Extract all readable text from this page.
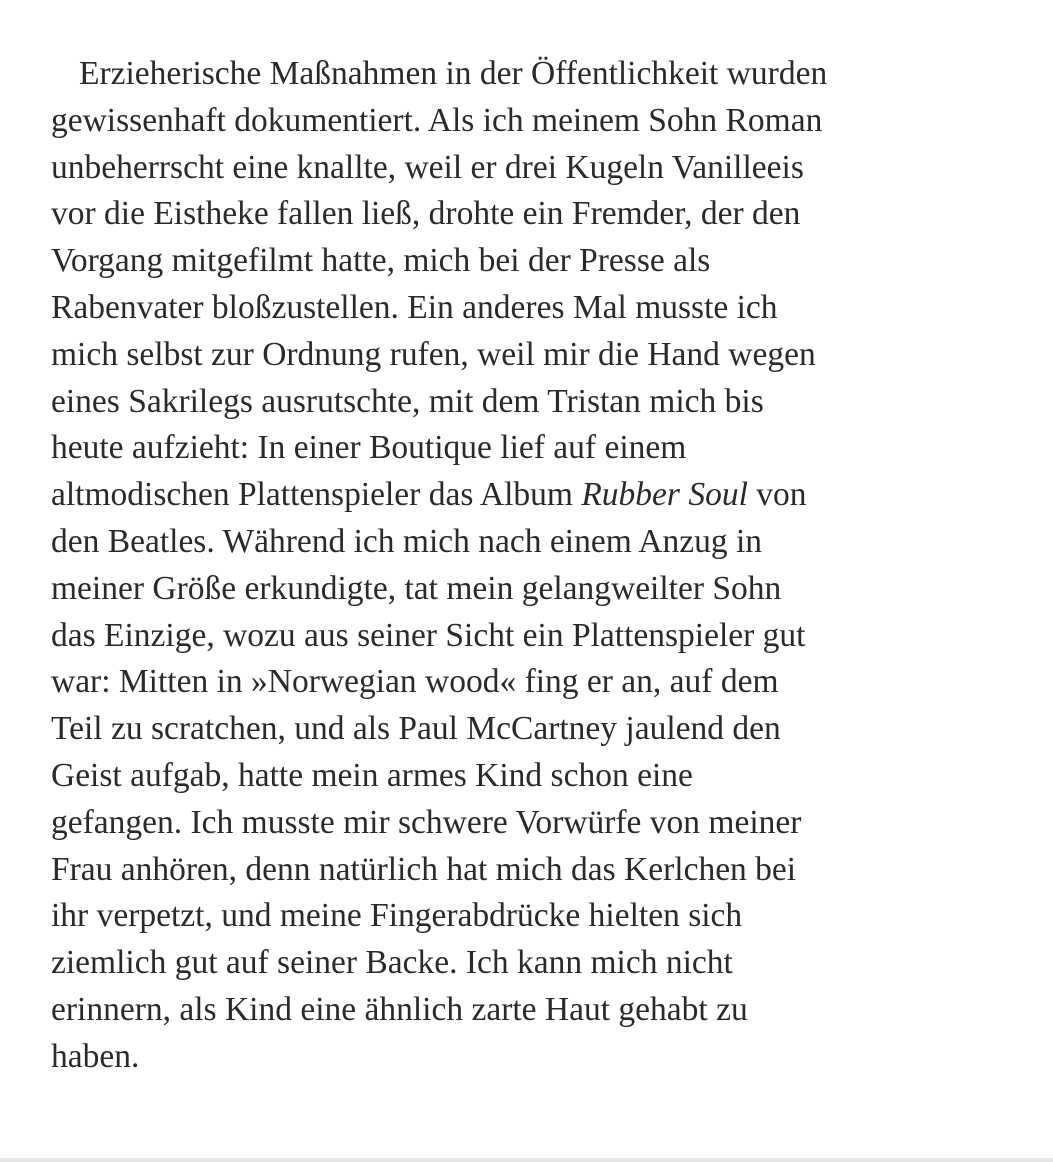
Erzieherische Maßnahmen in der Öffentlichkeit wurden
gewissenhaft dokumentiert. Als ich meinem Sohn Roman
unbeherrscht eine knallte, weil er drei Kugeln Vanilleeis
vor die Eistheke fallen ließ, drohte ein Fremder, der den
Vorgang mitgefilmt hatte, mich bei der Presse als
Rabenvater bloßzustellen. Ein anderes Mal musste ich
mich selbst zur Ordnung rufen, weil mir die Hand wegen
eines Sakrilegs ausrutschte, mit dem Tristan mich bis
heute aufzieht: In einer Boutique lief auf einem
altmodischen Plattenspieler das Album Rubber Soul von
den Beatles. Während ich mich nach einem Anzug in
meiner Größe erkundigte, tat mein gelangweilter Sohn
das Einzige, wozu aus seiner Sicht ein Plattenspieler gut
war: Mitten in »Norwegian wood« fing er an, auf dem
Teil zu scratchen, und als Paul McCartney jaulend den
Geist aufgab, hatte mein armes Kind schon eine
gefangen. Ich musste mir schwere Vorwürfe von meiner
Frau anhören, denn natürlich hat mich das Kerlchen bei
ihr verpetzt, und meine Fingerabdrücke hielten sich
ziemlich gut auf seiner Backe. Ich kann mich nicht
erinnern, als Kind eine ähnlich zarte Haut gehabt zu
haben.
